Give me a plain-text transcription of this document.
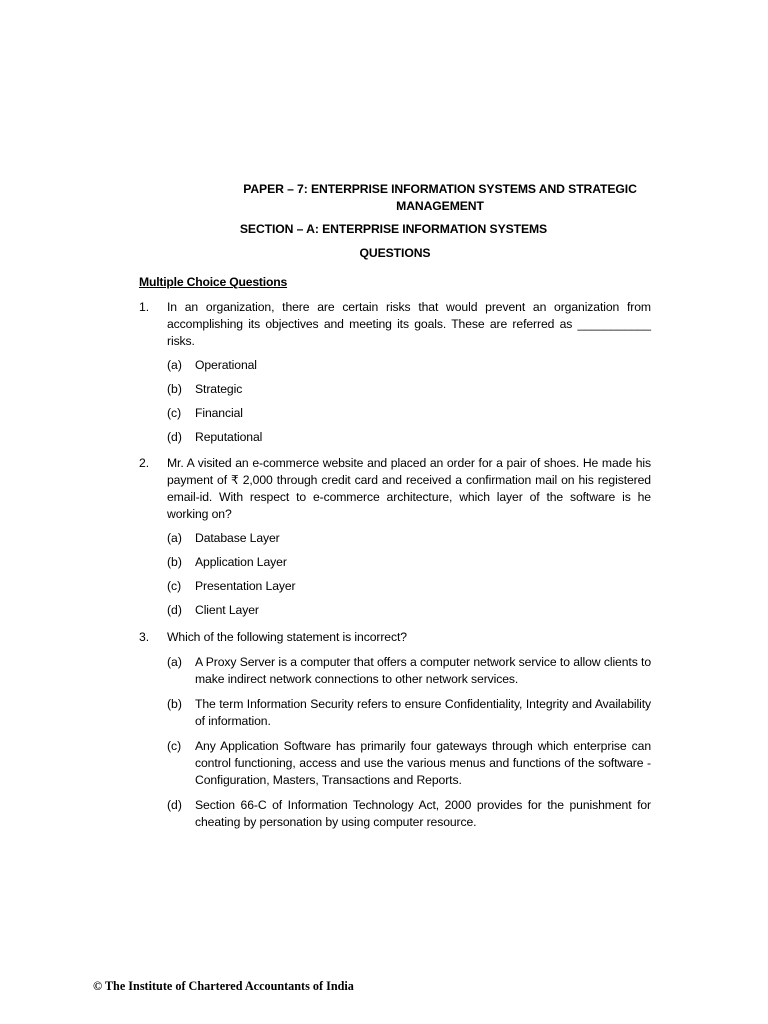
PAPER – 7: ENTERPRISE INFORMATION SYSTEMS AND STRATEGIC MANAGEMENT
SECTION – A: ENTERPRISE INFORMATION SYSTEMS
QUESTIONS
Multiple Choice Questions
1. In an organization, there are certain risks that would prevent an organization from accomplishing its objectives and meeting its goals. These are referred as ___________ risks.
(a) Operational
(b) Strategic
(c) Financial
(d) Reputational
2. Mr. A visited an e-commerce website and placed an order for a pair of shoes. He made his payment of ₹ 2,000 through credit card and received a confirmation mail on his registered email-id. With respect to e-commerce architecture, which layer of the software is he working on?
(a) Database Layer
(b) Application Layer
(c) Presentation Layer
(d) Client Layer
3. Which of the following statement is incorrect?
(a) A Proxy Server is a computer that offers a computer network service to allow clients to make indirect network connections to other network services.
(b) The term Information Security refers to ensure Confidentiality, Integrity and Availability of information.
(c) Any Application Software has primarily four gateways through which enterprise can control functioning, access and use the various menus and functions of the software - Configuration, Masters, Transactions and Reports.
(d) Section 66-C of Information Technology Act, 2000 provides for the punishment for cheating by personation by using computer resource.
© The Institute of Chartered Accountants of India
